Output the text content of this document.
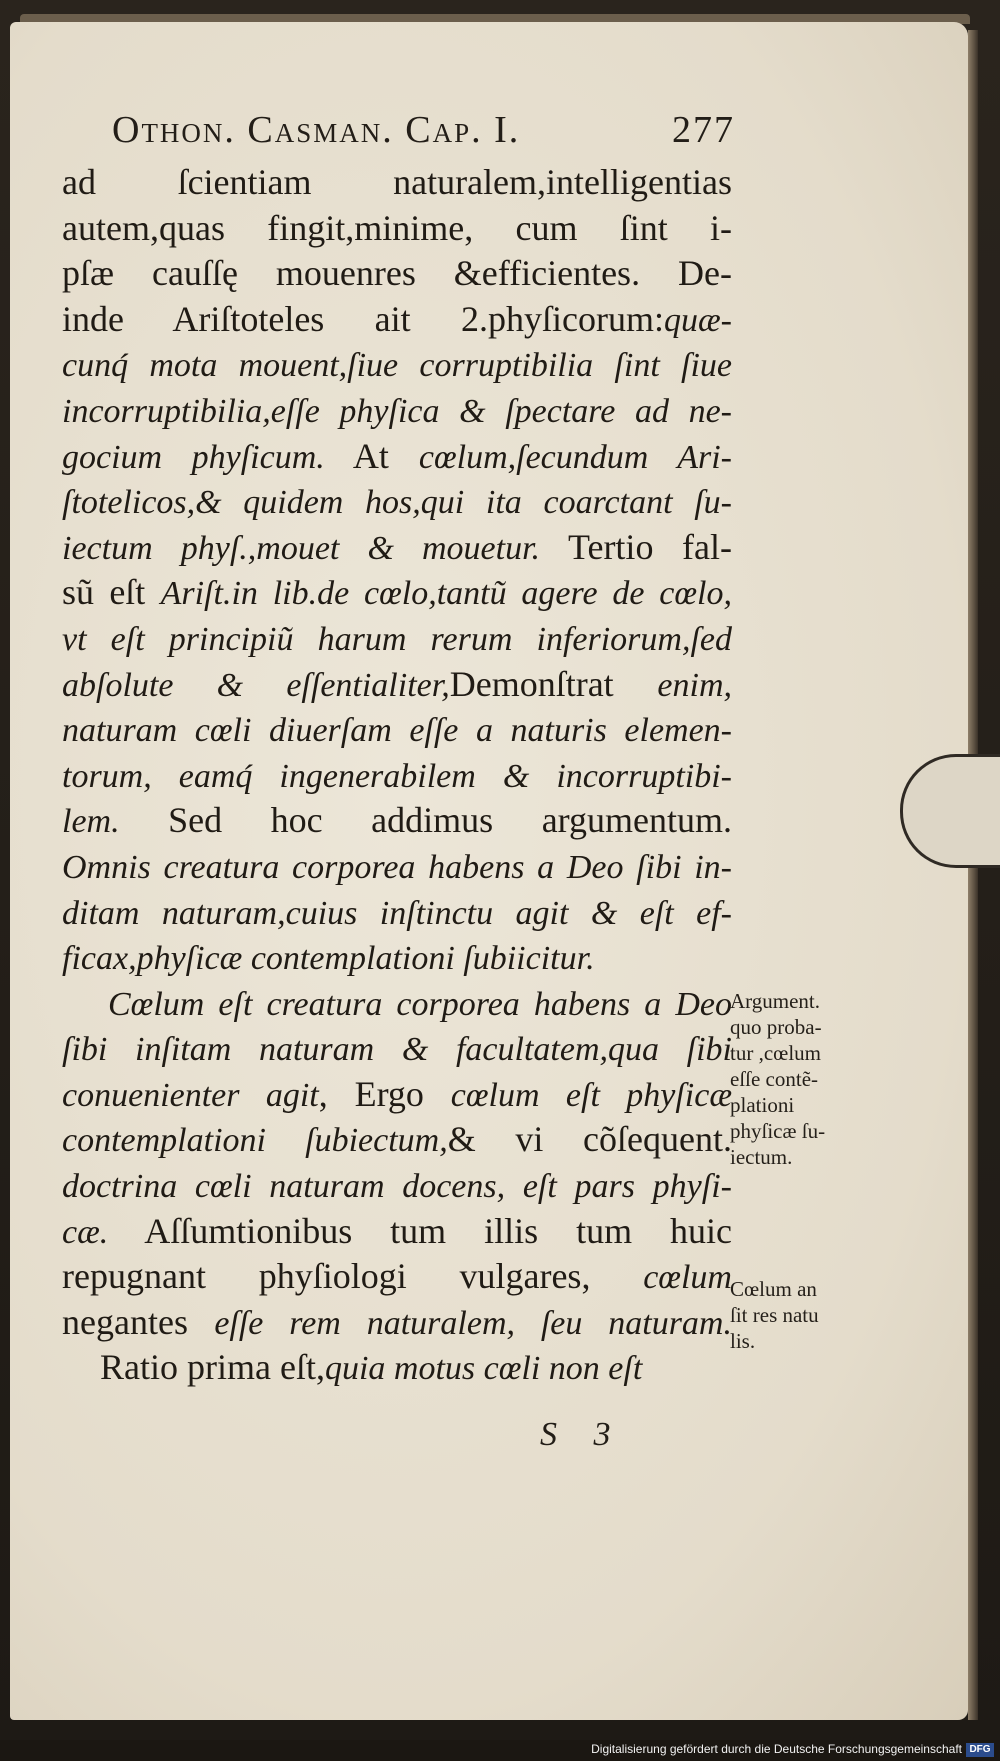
Othon. Casman. Cap. I.	277
ad ſcientiam naturalem,intelligentias
autem,quas fingit,minime, cum ſint i-
pſæ cauſſę mouenres &efficientes. De-
inde Ariſtoteles ait 2.phyſicorum:quæ-
cunq́ mota mouent,ſiue corruptibilia ſint ſiue
incorruptibilia,eſſe phyſica & ſpectare ad ne-
gocium phyſicum. At cœlum,ſecundum Ari-
ſtotelicos,& quidem hos,qui ita coarctant ſu-
iectum phyſ.,mouet & mouetur. Tertio fal-
sũ eſt Ariſt.in lib.de cœlo,tantũ agere de cœlo,
vt eſt principiũ harum rerum inferiorum,ſed
abſolute & eſſentialiter,Demonſtrat enim,
naturam cœli diuerſam eſſe a naturis elemen-
torum, eamq́ ingenerabilem & incorruptibi-
lem. Sed hoc addimus argumentum.
Omnis creatura corporea habens a Deo ſibi in-
ditam naturam,cuius inſtinctu agit & eſt ef-
ficax,phyſicæ contemplationi ſubiicitur.
Cœlum eſt creatura corporea habens a Deo
ſibi inſitam naturam & facultatem,qua ſibi
conuenienter agit, Ergo cœlum eſt phyſicæ
contemplationi ſubiectum,& vi cõſequent.
doctrina cœli naturam docens, eſt pars phyſi-
cæ. Aſſumtionibus tum illis tum huic
repugnant phyſiologi vulgares, cœlum
negantes eſſe rem naturalem, ſeu naturam.
Ratio prima eſt,quia motus cœli non eſt
Argument.
quo proba-
tur ,cœlum
eſſe contẽ-
plationi
phyſicæ ſu-
iectum.
Cœlum an
ſit res natu
lis.
S 3
Digitalisierung gefördert durch die Deutsche Forschungsgemeinschaft DFG
